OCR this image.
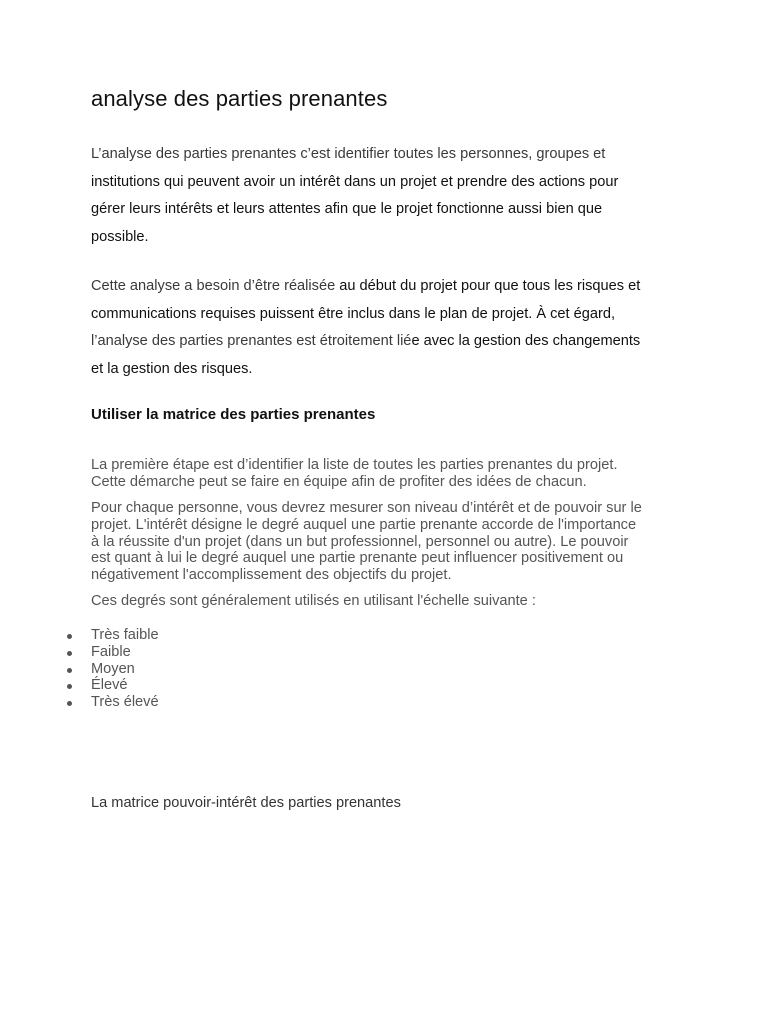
analyse des parties prenantes

L’analyse des parties prenantes c’est identifier toutes les personnes, groupes et
institutions qui peuvent avoir un intérêt dans un projet et prendre des actions pour
gérer leurs intérêts et leurs attentes afin que le projet fonctionne aussi bien que
possible.

Cette analyse a besoin d’être réalisée au début du projet pour que tous les risques et
communications requises puissent être inclus dans le plan de projet. À cet égard,
l’analyse des parties prenantes est étroitement liée avec la gestion des changements
et la gestion des risques.

Utiliser la matrice des parties prenantes

La première étape est d’identifier la liste de toutes les parties prenantes du projet.
Cette démarche peut se faire en équipe afin de profiter des idées de chacun.

Pour chaque personne, vous devrez mesurer son niveau d’intérêt et de pouvoir sur le
projet. L'intérêt désigne le degré auquel une partie prenante accorde de l'importance
à la réussite d'un projet (dans un but professionnel, personnel ou autre). Le pouvoir
est quant à lui le degré auquel une partie prenante peut influencer positivement ou
négativement l'accomplissement des objectifs du projet.

Ces degrés sont généralement utilisés en utilisant l'échelle suivante :

Très faible
Faible
Moyen
Élevé
Très élevé

La matrice pouvoir-intérêt des parties prenantes
